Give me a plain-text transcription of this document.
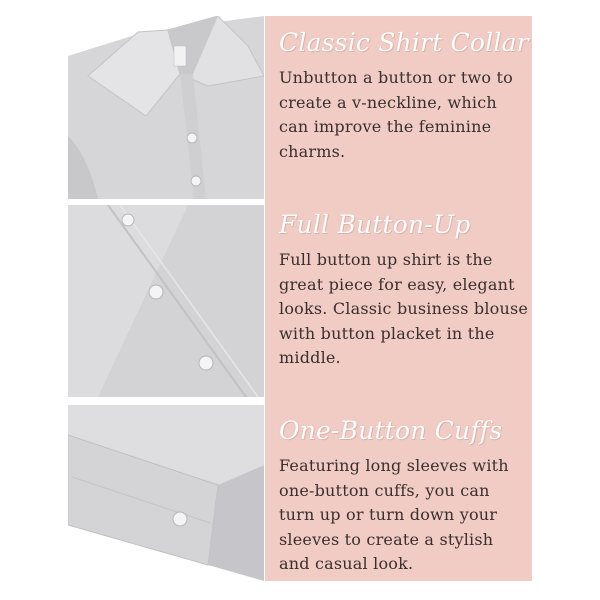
Classic Shirt Collar

Unbutton a button or two to create a v-neckline, which can improve the feminine charms.

Full Button-Up

Full button up shirt is the great piece for easy, elegant looks. Classic business blouse with button placket in the middle.

One-Button Cuffs

Featuring long sleeves with one-button cuffs, you can turn up or turn down your sleeves to create a stylish and casual look.
